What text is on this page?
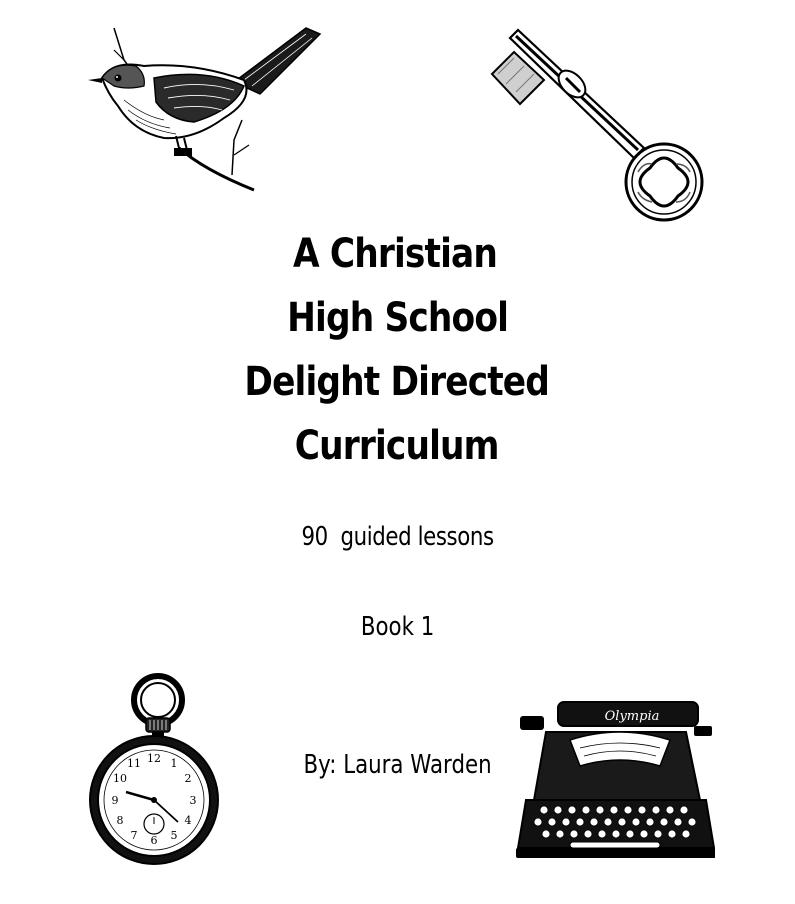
A Christian
High School
Delight Directed
Curriculum
90  guided lessons
Book 1
By: Laura Warden
12 1
2
3
4
5
6
7
8
9
10
11
Olympia
